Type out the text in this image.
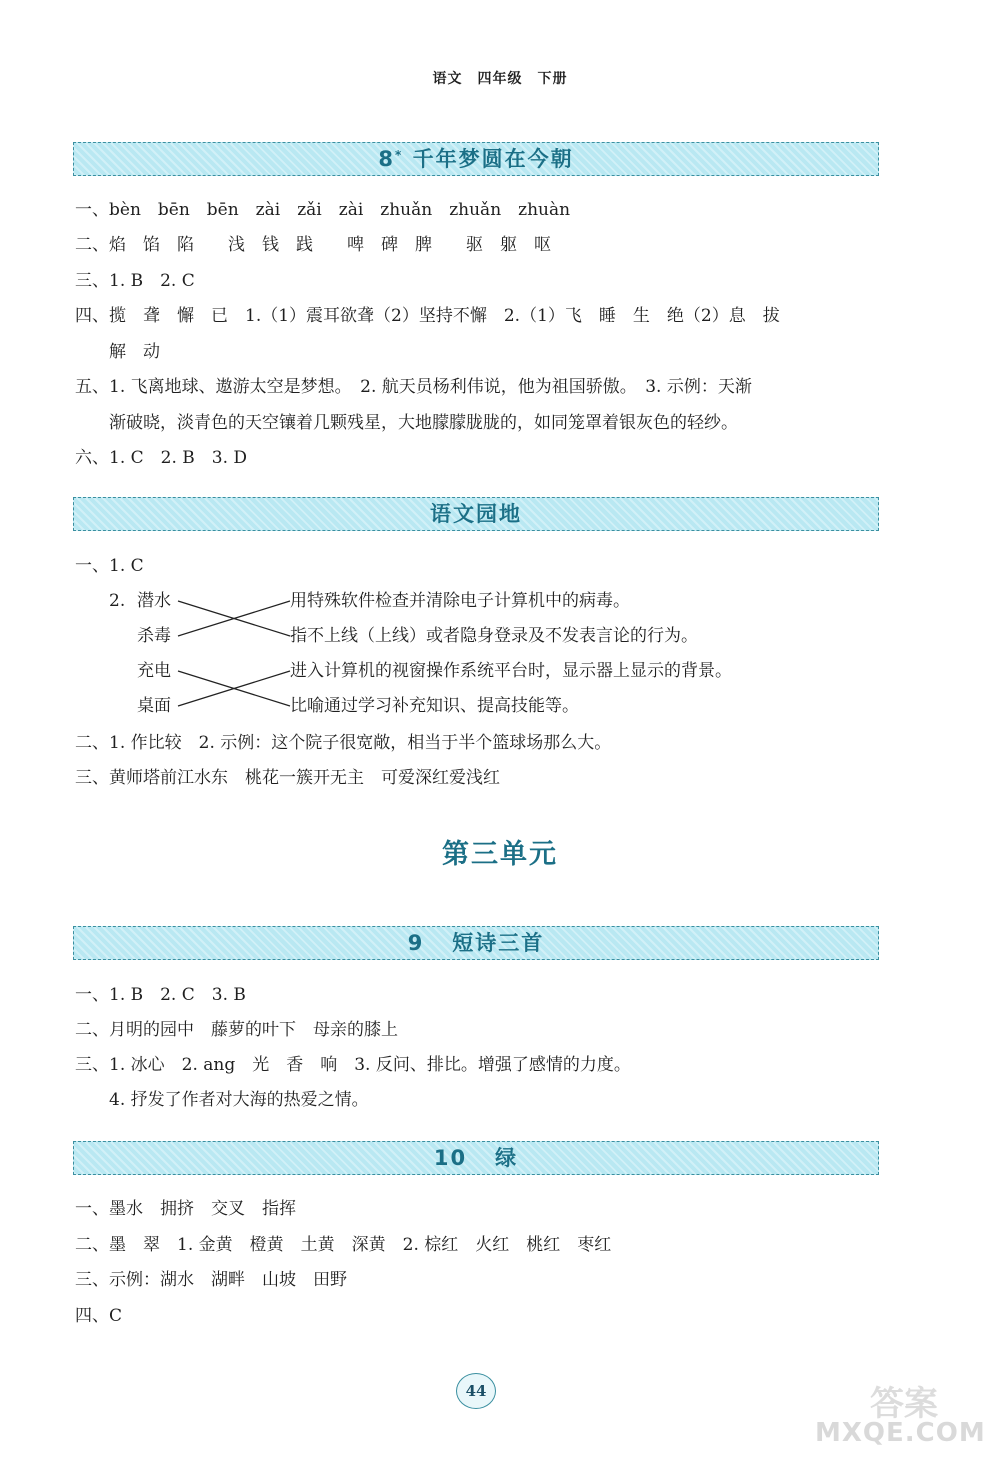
语文　四年级　下册
8* 千年梦圆在今朝
一、bèn　bēn　bēn　zài　zǎi　zài　zhuǎn　zhuǎn　zhuàn
二、焰　馅　陷　　浅　钱　践　　啤　碑　脾　　驱　躯　呕
三、1. B　2. C
四、揽　聋　懈　已　1.（1）震耳欲聋（2）坚持不懈　2.（1）飞　睡　生　绝（2）息　拔
　　解　动
五、1. 飞离地球、遨游太空是梦想。　2. 航天员杨利伟说，他为祖国骄傲。　3. 示例：天渐
　　渐破晓，淡青色的天空镶着几颗残星，大地朦朦胧胧的，如同笼罩着银灰色的轻纱。
六、1. C　2. B　3. D
语文园地
一、1. C
2. 潜水
杀毒
充电
桌面
用特殊软件检查并清除电子计算机中的病毒。
指不上线（上线）或者隐身登录及不发表言论的行为。
进入计算机的视窗操作系统平台时，显示器上显示的背景。
比喻通过学习补充知识、提高技能等。
二、1. 作比较　2. 示例：这个院子很宽敞，相当于半个篮球场那么大。
三、黄师塔前江水东　桃花一簇开无主　可爱深红爱浅红
第三单元
9 短诗三首
一、1. B　2. C　3. B
二、月明的园中　藤萝的叶下　母亲的膝上
三、1. 冰心　2. ang　光　香　响　3. 反问、排比。增强了感情的力度。
　　4. 抒发了作者对大海的热爱之情。
10 绿
一、墨水　拥挤　交叉　指挥
二、墨　翠　1. 金黄　橙黄　土黄　深黄　2. 棕红　火红　桃红　枣红
三、示例：湖水　湖畔　山坡　田野
四、C
44	答案
MXQE.COM
